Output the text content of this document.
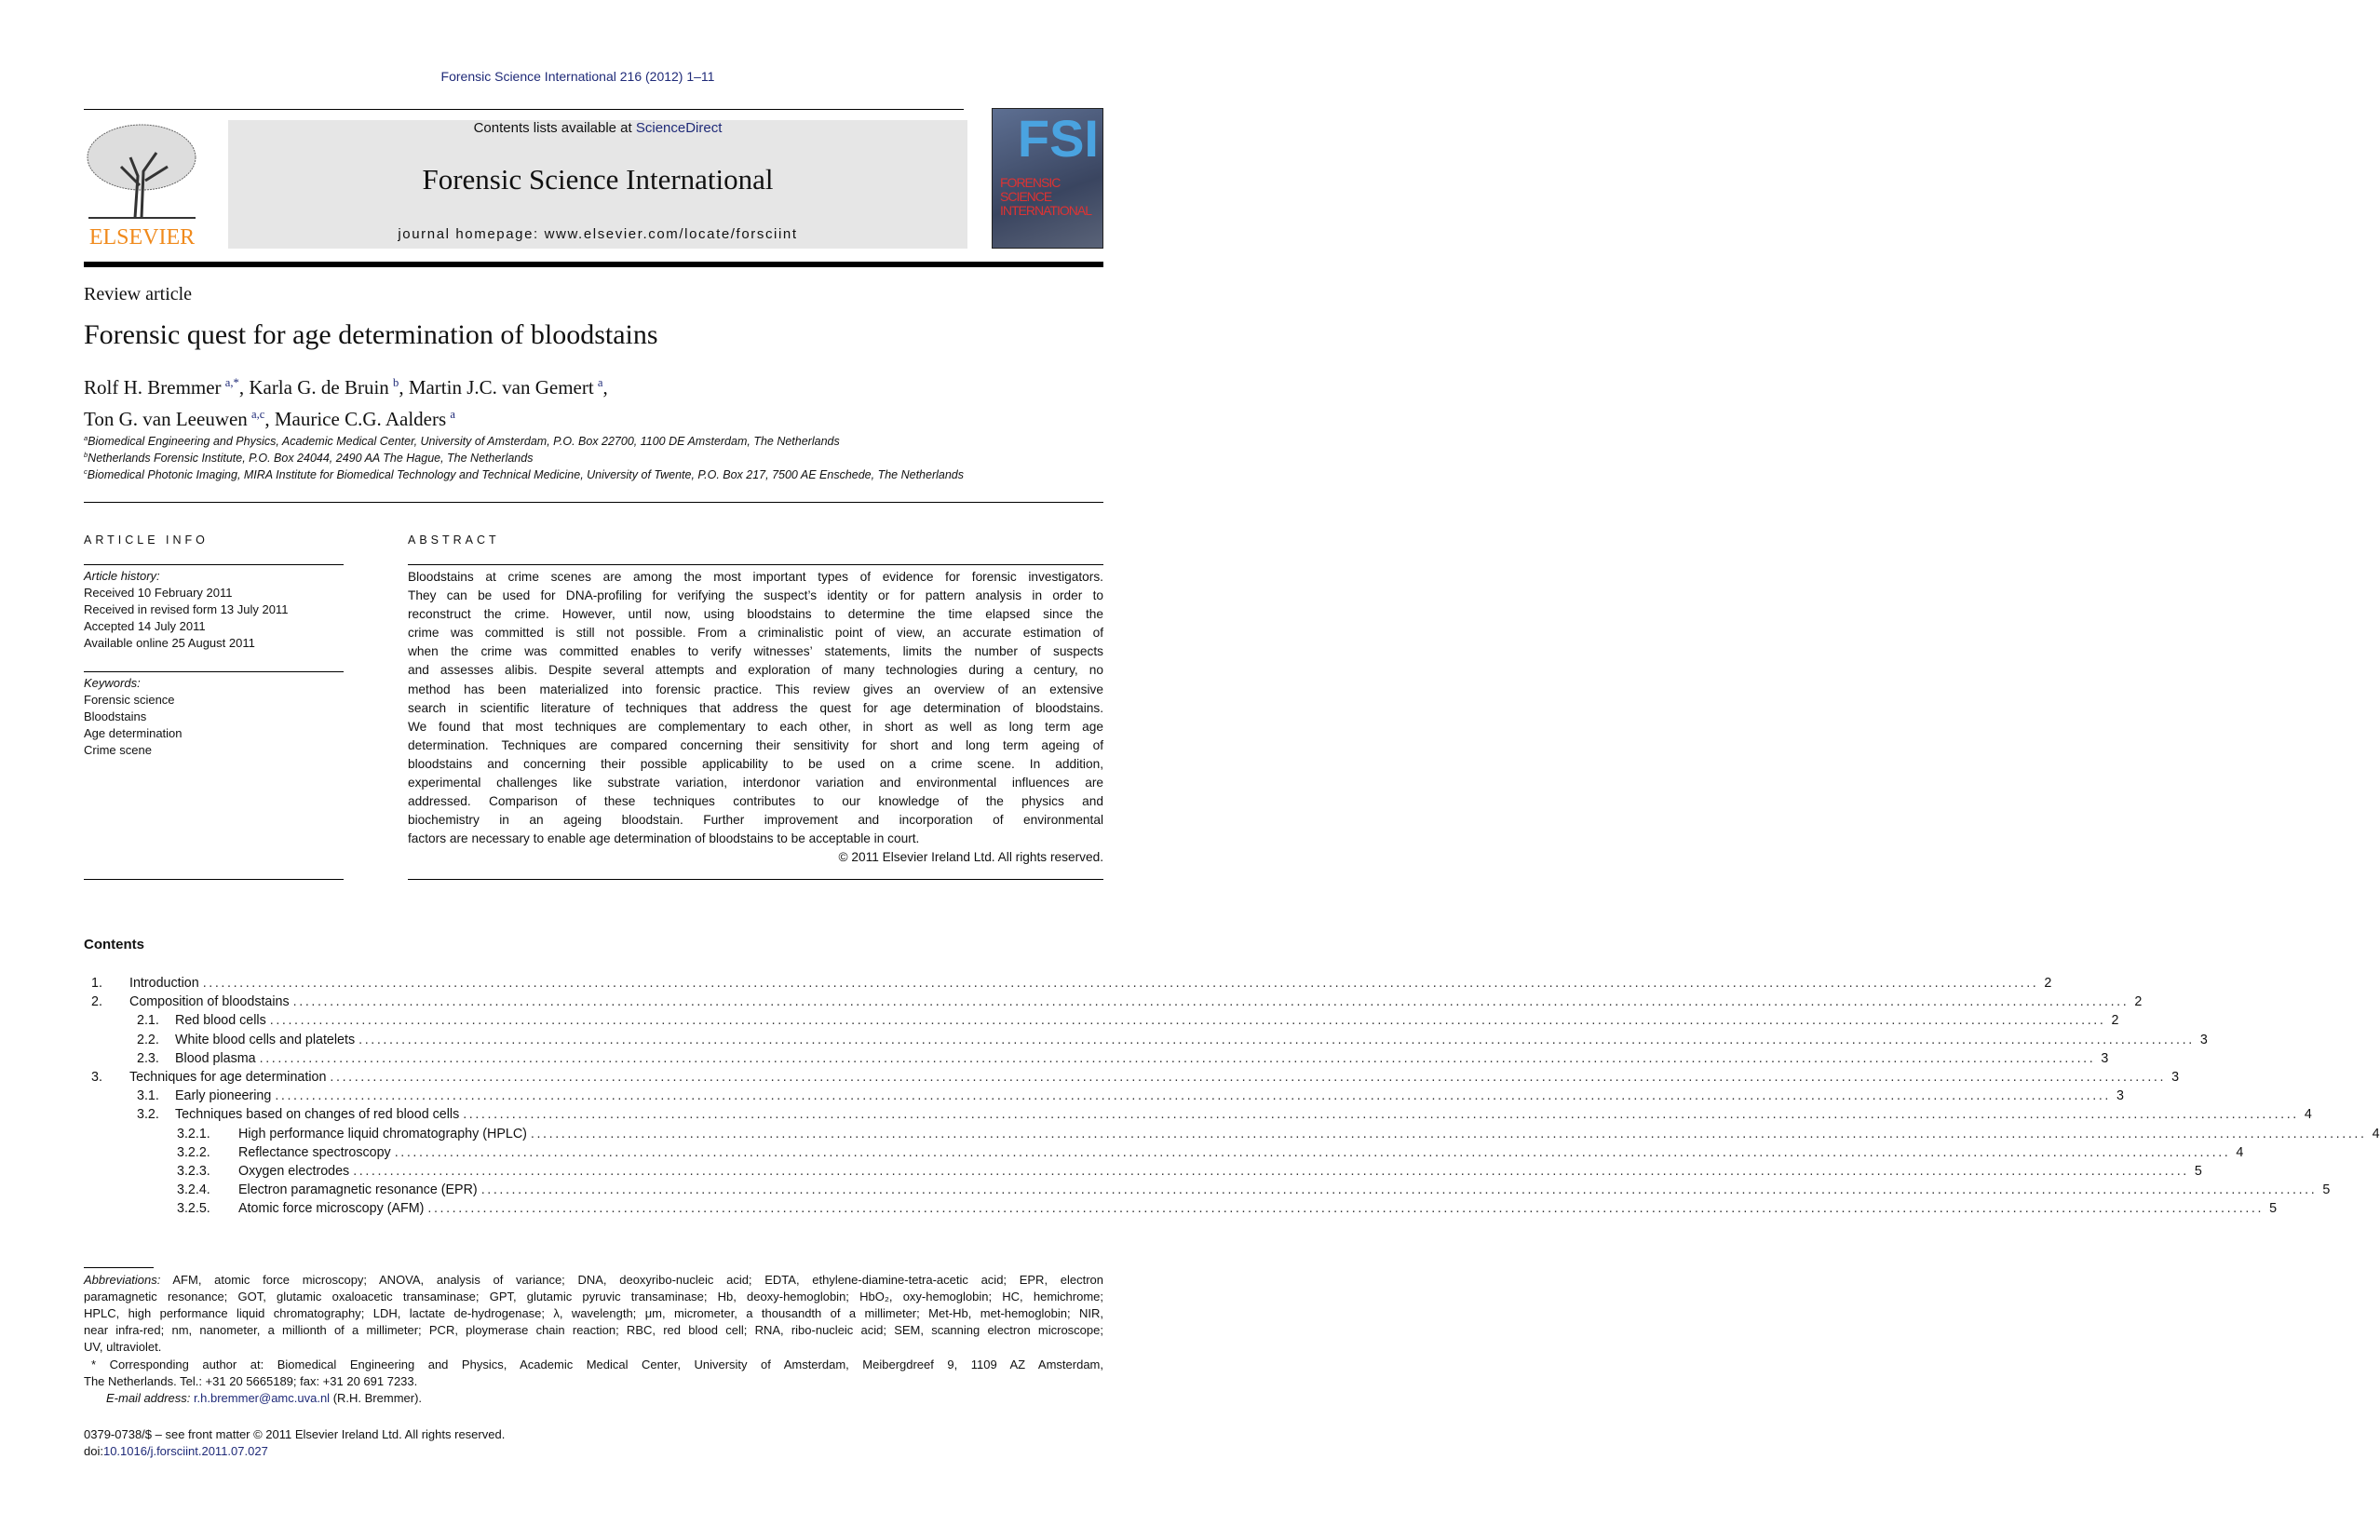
Forensic Science International 216 (2012) 1–11
ELSEVIER
Contents lists available at ScienceDirect
Forensic Science International
journal homepage: www.elsevier.com/locate/forsciint
FSI
FORENSIC
SCIENCE
INTERNATIONAL
Review article
Forensic quest for age determination of bloodstains
Rolf H. Bremmer  $^{a,*}$, Karla G. de Bruin  $^b$, Martin J.C. van Gemert  $^a$,
Ton G. van Leeuwen  $^{a,c}$, Maurice C.G. Aalders  $^a$
$^a$Biomedical Engineering and Physics, Academic Medical Center, University of Amsterdam, P.O. Box 22700, 1100 DE Amsterdam, The Netherlands
$^b$Netherlands Forensic Institute, P.O. Box 24044, 2490 AA The Hague, The Netherlands
$^c$Biomedical Photonic Imaging, MIRA Institute for Biomedical Technology and Technical Medicine, University of Twente, P.O. Box 217, 7500 AE Enschede, The Netherlands
ARTICLE INFO
Article history:
Received 10 February 2011
Received in revised form 13 July 2011
Accepted 14 July 2011
Available online 25 August 2011
Keywords:
Forensic science
Bloodstains
Age determination
Crime scene
ABSTRACT
Bloodstains at crime scenes are among the most important types of evidence for forensic investigators.
They can be used for DNA-profiling for verifying the suspect’s identity or for pattern analysis in order to
reconstruct the crime. However, until now, using bloodstains to determine the time elapsed since the
crime was committed is still not possible. From a criminalistic point of view, an accurate estimation of
when the crime was committed enables to verify witnesses’ statements, limits the number of suspects
and assesses alibis. Despite several attempts and exploration of many technologies during a century, no
method has been materialized into forensic practice. This review gives an overview of an extensive
search in scientific literature of techniques that address the quest for age determination of bloodstains.
We found that most techniques are complementary to each other, in short as well as long term age
determination. Techniques are compared concerning their sensitivity for short and long term ageing of
bloodstains and concerning their possible applicability to be used on a crime scene. In addition,
experimental challenges like substrate variation, interdonor variation and environmental influences are
addressed. Comparison of these techniques contributes to our knowledge of the physics and
biochemistry in an ageing bloodstain. Further improvement and incorporation of environmental
factors are necessary to enable age determination of bloodstains to be acceptable in court.
© 2011 Elsevier Ireland Ltd. All rights reserved.
Contents
1.	Introduction ............................................................................................................................................................................................................................................................................................................ 2
2.	Composition of bloodstains ............................................................................................................................................................................................................................................................................................................ 2
2.1.	Red blood cells ............................................................................................................................................................................................................................................................................................................ 2
2.2.	White blood cells and platelets ............................................................................................................................................................................................................................................................................................................ 3
2.3.	Blood plasma ............................................................................................................................................................................................................................................................................................................ 3
3.	Techniques for age determination ............................................................................................................................................................................................................................................................................................................ 3
3.1.	Early pioneering ............................................................................................................................................................................................................................................................................................................ 3
3.2.	Techniques based on changes of red blood cells ............................................................................................................................................................................................................................................................................................................ 4
3.2.1.	High performance liquid chromatography (HPLC) ............................................................................................................................................................................................................................................................................................................ 4
3.2.2.	Reflectance spectroscopy ............................................................................................................................................................................................................................................................................................................ 4
3.2.3.	Oxygen electrodes ............................................................................................................................................................................................................................................................................................................ 5
3.2.4.	Electron paramagnetic resonance (EPR) ............................................................................................................................................................................................................................................................................................................ 5
3.2.5.	Atomic force microscopy (AFM) ............................................................................................................................................................................................................................................................................................................ 5
Abbreviations: AFM, atomic force microscopy; ANOVA, analysis of variance; DNA, deoxyribo-nucleic acid; EDTA, ethylene-diamine-tetra-acetic acid; EPR, electron
paramagnetic resonance; GOT, glutamic oxaloacetic transaminase; GPT, glutamic pyruvic transaminase; Hb, deoxy-hemoglobin; HbO₂, oxy-hemoglobin; HC, hemichrome;
HPLC, high performance liquid chromatography; LDH, lactate de-hydrogenase; λ, wavelength; μm, micrometer, a thousandth of a millimeter; Met-Hb, met-hemoglobin; NIR,
near infra-red; nm, nanometer, a millionth of a millimeter; PCR, ploymerase chain reaction; RBC, red blood cell; RNA, ribo-nucleic acid; SEM, scanning electron microscope;
UV, ultraviolet.
* Corresponding author at: Biomedical Engineering and Physics, Academic Medical Center, University of Amsterdam, Meibergdreef 9, 1109 AZ Amsterdam,
The Netherlands. Tel.: +31 20 5665189; fax: +31 20 691 7233.
E-mail address: r.h.bremmer@amc.uva.nl (R.H. Bremmer).
0379-0738/$ – see front matter © 2011 Elsevier Ireland Ltd. All rights reserved.
doi:10.1016/j.forsciint.2011.07.027
